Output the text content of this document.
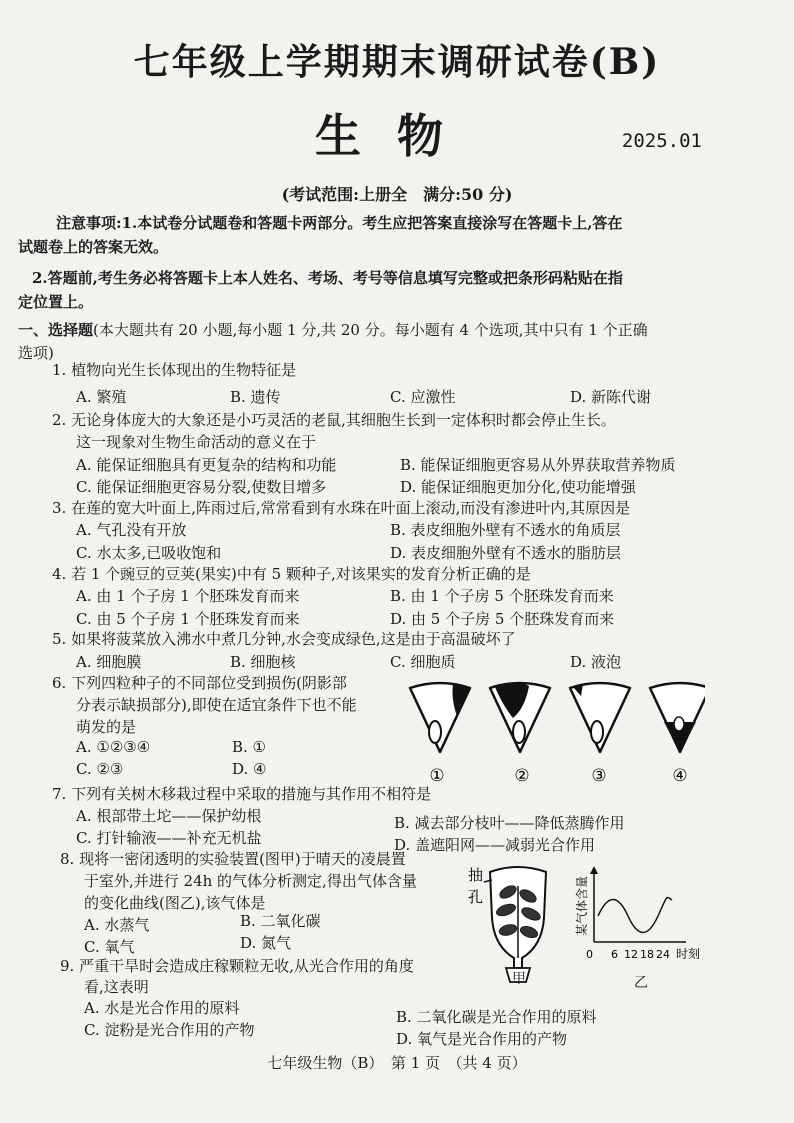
七年级上学期期末调研试卷(B)
生物	2025.01
(考试范围:上册全　满分:50 分)
注意事项:1.本试卷分试题卷和答题卡两部分。考生应把答案直接涂写在答题卡上,答在
试题卷上的答案无效。
2.答题前,考生务必将答题卡上本人姓名、考场、考号等信息填写完整或把条形码粘贴在指
定位置上。
一、选择题(本大题共有 20 小题,每小题 1 分,共 20 分。每小题有 4 个选项,其中只有 1 个正确
选项)
1. 植物向光生长体现出的生物特征是
A. 繁殖	B. 遗传	C. 应激性	D. 新陈代谢
2. 无论身体庞大的大象还是小巧灵活的老鼠,其细胞生长到一定体积时都会停止生长。
这一现象对生物生命活动的意义在于
A. 能保证细胞具有更复杂的结构和功能	B. 能保证细胞更容易从外界获取营养物质
C. 能保证细胞更容易分裂,使数目增多	D. 能保证细胞更加分化,使功能增强
3. 在莲的宽大叶面上,阵雨过后,常常看到有水珠在叶面上滚动,而没有渗进叶内,其原因是
A. 气孔没有开放	B. 表皮细胞外壁有不透水的角质层
C. 水太多,已吸收饱和	D. 表皮细胞外壁有不透水的脂肪层
4. 若 1 个豌豆的豆荚(果实)中有 5 颗种子,对该果实的发育分析正确的是
A. 由 1 个子房 1 个胚珠发育而来	B. 由 1 个子房 5 个胚珠发育而来
C. 由 5 个子房 1 个胚珠发育而来	D. 由 5 个子房 5 个胚珠发育而来
5. 如果将菠菜放入沸水中煮几分钟,水会变成绿色,这是由于高温破坏了
A. 细胞膜	B. 细胞核	C. 细胞质	D. 液泡
6. 下列四粒种子的不同部位受到损伤(阴影部
分表示缺损部分),即使在适宜条件下也不能
萌发的是
A. ①②③④	B. ①
C. ②③	D. ④	①	②	③	④
7. 下列有关树木移栽过程中采取的措施与其作用不相符是
A. 根部带土坨——保护幼根	B. 减去部分枝叶——降低蒸腾作用
C. 打针输液——补充无机盐	D. 盖遮阳网——减弱光合作用
8. 现将一密闭透明的实验装置(图甲)于晴天的凌晨置
于室外,并进行 24h 的气体分析测定,得出气体含量
的变化曲线(图乙),该气体是
A. 水蒸气	B. 二氧化碳
C. 氧气	D. 氮气
抽
孔
甲
0 6 12 18 24 时刻
某气体含量
乙
9. 严重干旱时会造成庄稼颗粒无收,从光合作用的角度
看,这表明
A. 水是光合作用的原料	B. 二氧化碳是光合作用的原料
C. 淀粉是光合作用的产物	D. 氧气是光合作用的产物
七年级生物（B）　第 1 页　（共 4 页）
